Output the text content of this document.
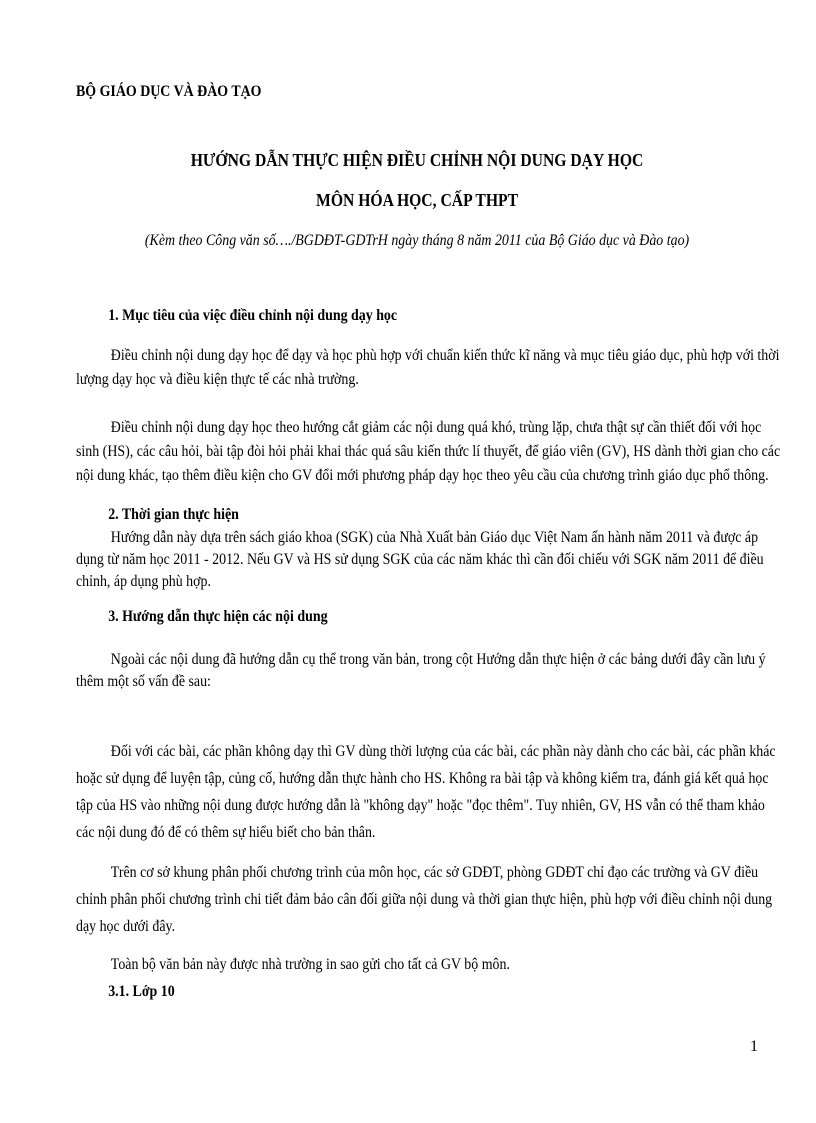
BỘ GIÁO DỤC VÀ ĐÀO TẠO
HƯỚNG DẪN THỰC HIỆN ĐIỀU CHỈNH NỘI DUNG DẠY HỌC
MÔN HÓA HỌC, CẤP THPT
(Kèm theo Công văn số…./BGDĐT-GDTrH ngày tháng 8 năm 2011 của Bộ Giáo dục và Đào tạo)
1. Mục tiêu của việc điều chỉnh nội dung dạy học
Điều chỉnh nội dung dạy học để dạy và học phù hợp với chuẩn kiến thức kĩ năng và mục tiêu giáo dục, phù hợp với thời
lượng dạy học và điều kiện thực tế các nhà trường.
Điều chỉnh nội dung dạy học theo hướng cắt giảm các nội dung quá khó, trùng lặp, chưa thật sự cần thiết đối với học
sinh (HS), các câu hỏi, bài tập đòi hỏi phải khai thác quá sâu kiến thức lí thuyết, để giáo viên (GV), HS dành thời gian cho các
nội dung khác, tạo thêm điều kiện cho GV đổi mới phương pháp dạy học theo yêu cầu của chương trình giáo dục phổ thông.
2. Thời gian thực hiện
Hướng dẫn này dựa trên sách giáo khoa (SGK) của Nhà Xuất bản Giáo dục Việt Nam ấn hành năm 2011 và được áp
dụng từ năm học 2011 - 2012. Nếu GV và HS sử dụng SGK của các năm khác thì cần đối chiếu với SGK năm 2011 để điều
chỉnh, áp dụng phù hợp.
3. Hướng dẫn thực hiện các nội dung
Ngoài các nội dung đã hướng dẫn cụ thể trong văn bản, trong cột Hướng dẫn thực hiện ở các bảng dưới đây cần lưu ý
thêm một số vấn đề sau:
Đối với các bài, các phần không dạy thì GV dùng thời lượng của các bài, các phần này dành cho các bài, các phần khác
hoặc sử dụng để luyện tập, củng cố, hướng dẫn thực hành cho HS. Không ra bài tập và không kiểm tra, đánh giá kết quả học
tập của HS vào những nội dung được hướng dẫn là "không dạy" hoặc "đọc thêm". Tuy nhiên, GV, HS vẫn có thể tham khảo
các nội dung đó để có thêm sự hiểu biết cho bản thân.
Trên cơ sở khung phân phối chương trình của môn học, các sở GDĐT, phòng GDĐT chỉ đạo các trường và GV điều
chỉnh phân phối chương trình chi tiết đảm bảo cân đối giữa nội dung và thời gian thực hiện, phù hợp với điều chỉnh nội dung
dạy học dưới đây.
Toàn bộ văn bản này được nhà trường in sao gửi cho tất cả GV bộ môn.
3.1. Lớp 10
1
